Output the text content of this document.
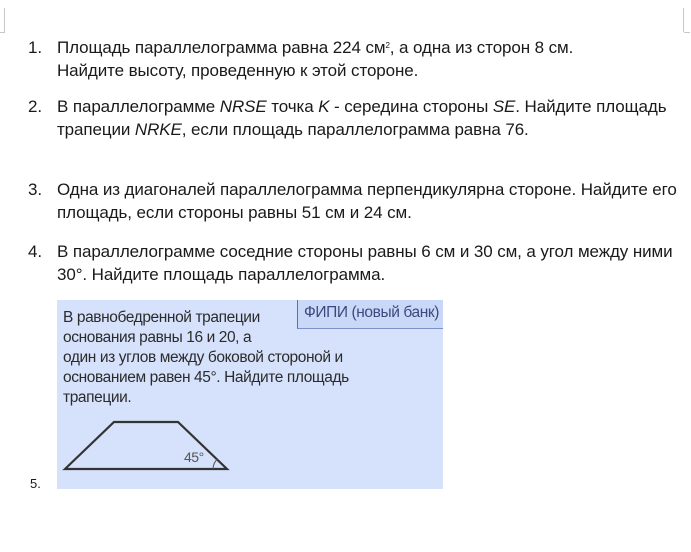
1. Площадь параллелограмма равна 224 $см^2$, а одна из сторон 8 см.
Найдите высоту, проведенную к этой стороне.
2. В параллелограмме NRSE точка K - середина стороны SE. Найдите площадь трапеции NRKE, если площадь параллелограмма равна 76.
3. Одна из диагоналей параллелограмма перпендикулярна стороне. Найдите его площадь, если стороны равны 51 см и 24 см.
4. В параллелограмме соседние стороны равны 6 см и 30 см, а угол между ними 30°. Найдите площадь параллелограмма.
5.
В равнобедренной трапеции
основания равны 16 и 20, а
один из углов между боковой стороной и
основанием равен 45°. Найдите площадь
трапеции.
ФИПИ (новый банк)
45°
